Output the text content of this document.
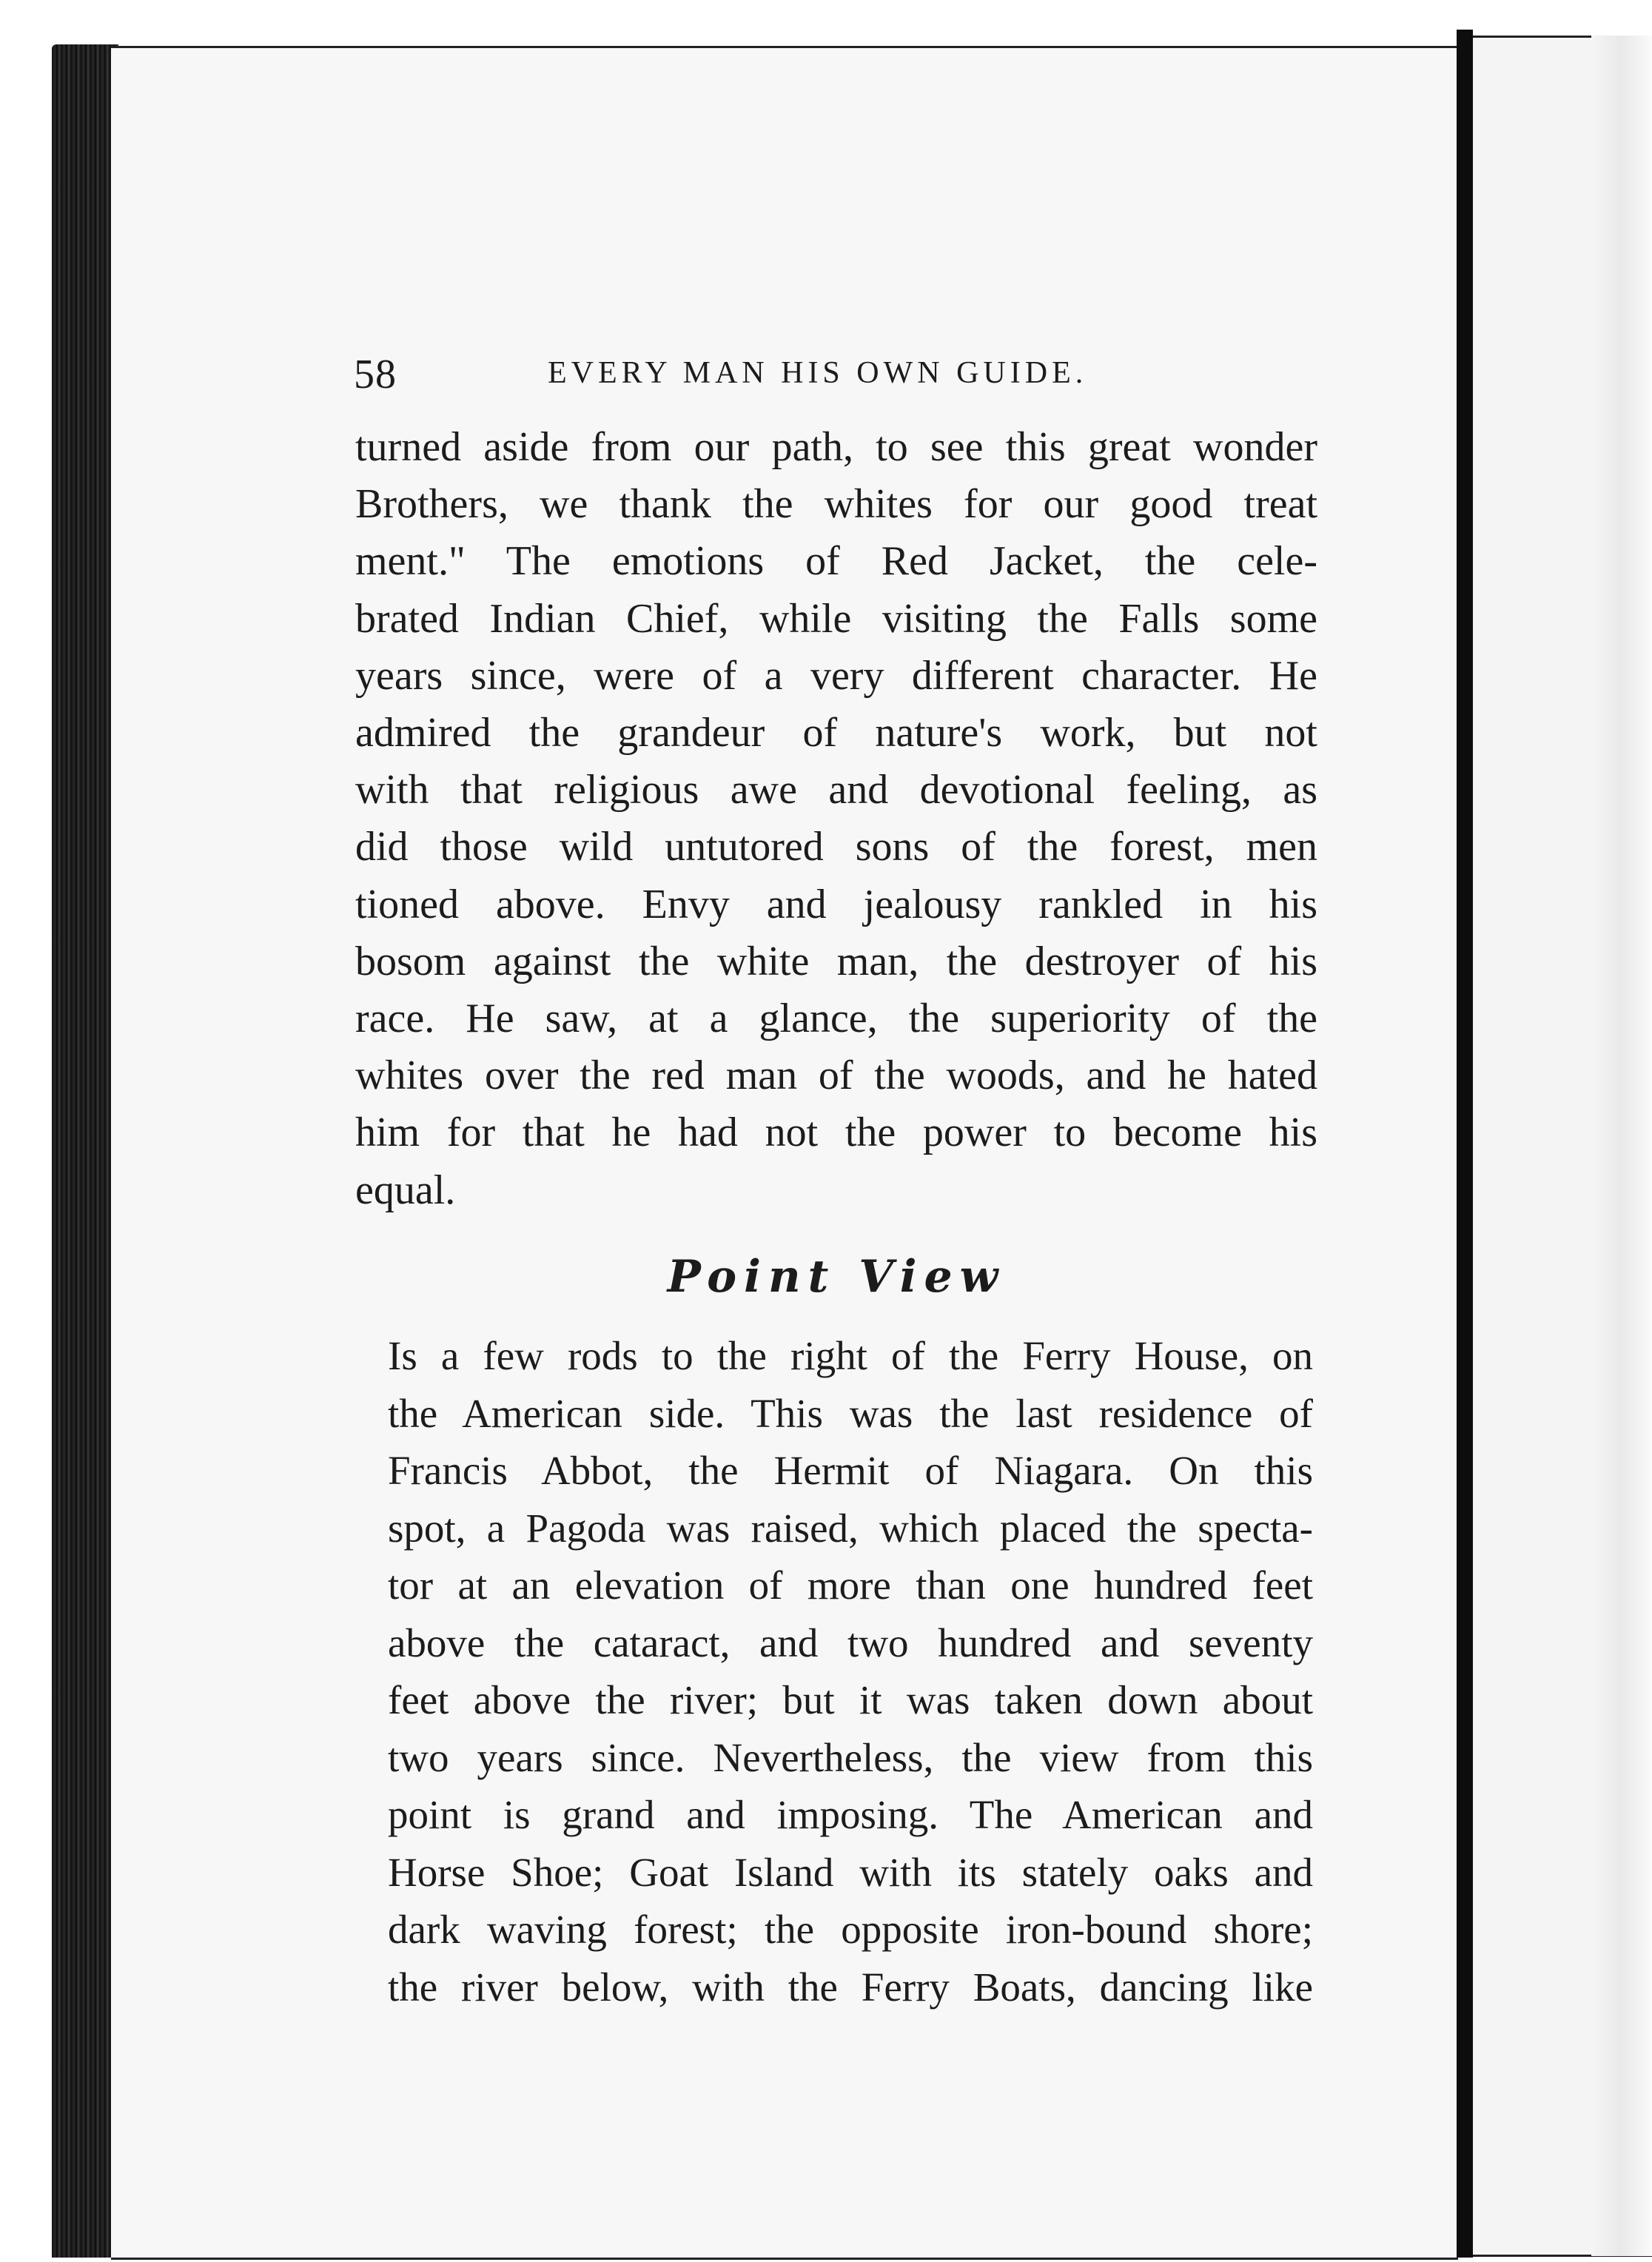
58	EVERY MAN HIS OWN GUIDE.
turned aside from our path, to see this great wonder
Brothers, we thank the whites for our good treat
ment." The emotions of Red Jacket, the cele-
brated Indian Chief, while visiting the Falls some
years since, were of a very different character. He
admired the grandeur of nature's work, but not
with that religious awe and devotional feeling, as
did those wild untutored sons of the forest, men
tioned above. Envy and jealousy rankled in his
bosom against the white man, the destroyer of his
race. He saw, at a glance, the superiority of the
whites over the red man of the woods, and he hated
him for that he had not the power to become his
equal.
Point View
Is a few rods to the right of the Ferry House, on
the American side. This was the last residence of
Francis Abbot, the Hermit of Niagara. On this
spot, a Pagoda was raised, which placed the specta-
tor at an elevation of more than one hundred feet
above the cataract, and two hundred and seventy
feet above the river; but it was taken down about
two years since. Nevertheless, the view from this
point is grand and imposing. The American and
Horse Shoe; Goat Island with its stately oaks and
dark waving forest; the opposite iron-bound shore;
the river below, with the Ferry Boats, dancing like
